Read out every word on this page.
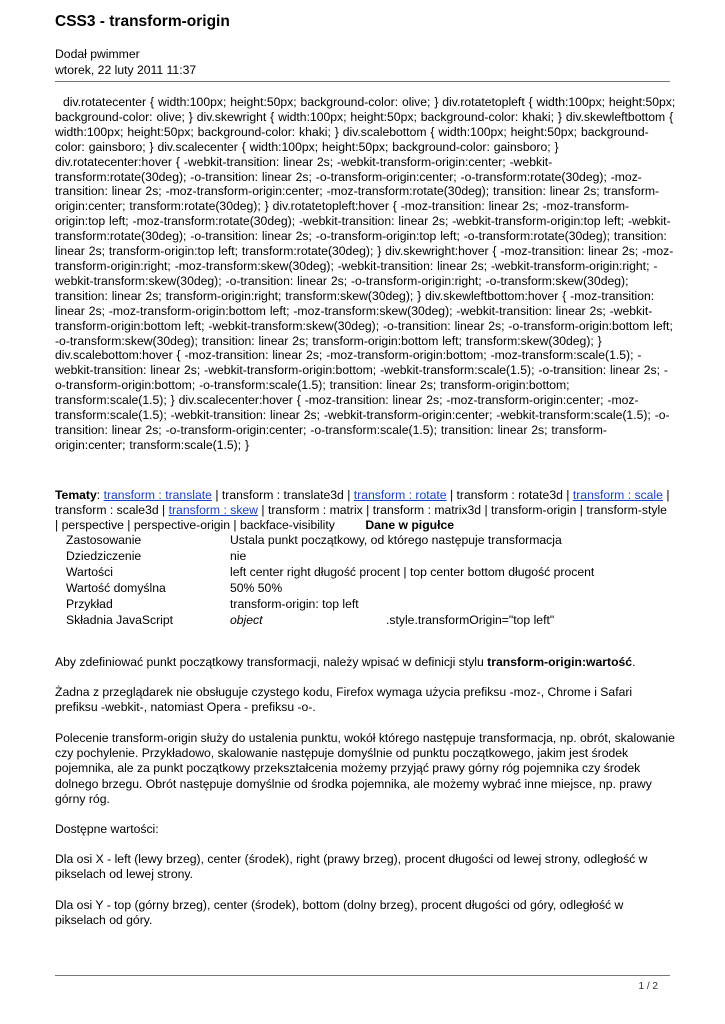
CSS3 - transform-origin
Dodał pwimmer
wtorek, 22 luty 2011 11:37
div.rotatecenter { width:100px; height:50px; background-color: olive; } div.rotatetopleft { width:100px; height:50px; background-color: olive; } div.skewright { width:100px; height:50px; background-color: khaki; } div.skewleftbottom { width:100px; height:50px; background-color: khaki; } div.scalebottom { width:100px; height:50px; background-color: gainsboro; } div.scalecenter { width:100px; height:50px; background-color: gainsboro; } div.rotatecenter:hover { -webkit-transition: linear 2s; -webkit-transform-origin:center; -webkit-transform:rotate(30deg); -o-transition: linear 2s; -o-transform-origin:center; -o-transform:rotate(30deg); -moz-transition: linear 2s; -moz-transform-origin:center; -moz-transform:rotate(30deg); transition: linear 2s; transform-origin:center; transform:rotate(30deg); } div.rotatetopleft:hover { -moz-transition: linear 2s; -moz-transform-origin:top left; -moz-transform:rotate(30deg); -webkit-transition: linear 2s; -webkit-transform-origin:top left; -webkit-transform:rotate(30deg); -o-transition: linear 2s; -o-transform-origin:top left; -o-transform:rotate(30deg); transition: linear 2s; transform-origin:top left; transform:rotate(30deg); } div.skewright:hover { -moz-transition: linear 2s; -moz-transform-origin:right; -moz-transform:skew(30deg); -webkit-transition: linear 2s; -webkit-transform-origin:right; -webkit-transform:skew(30deg); -o-transition: linear 2s; -o-transform-origin:right; -o-transform:skew(30deg); transition: linear 2s; transform-origin:right; transform:skew(30deg); } div.skewleftbottom:hover { -moz-transition: linear 2s; -moz-transform-origin:bottom left; -moz-transform:skew(30deg); -webkit-transition: linear 2s; -webkit-transform-origin:bottom left; -webkit-transform:skew(30deg); -o-transition: linear 2s; -o-transform-origin:bottom left; -o-transform:skew(30deg); transition: linear 2s; transform-origin:bottom left; transform:skew(30deg); } div.scalebottom:hover { -moz-transition: linear 2s; -moz-transform-origin:bottom; -moz-transform:scale(1.5); -webkit-transition: linear 2s; -webkit-transform-origin:bottom; -webkit-transform:scale(1.5); -o-transition: linear 2s; -o-transform-origin:bottom; -o-transform:scale(1.5); transition: linear 2s; transform-origin:bottom; transform:scale(1.5); } div.scalecenter:hover { -moz-transition: linear 2s; -moz-transform-origin:center; -moz-transform:scale(1.5); -webkit-transition: linear 2s; -webkit-transform-origin:center; -webkit-transform:scale(1.5); -o-transition: linear 2s; -o-transform-origin:center; -o-transform:scale(1.5); transition: linear 2s; transform-origin:center; transform:scale(1.5); }
Tematy: transform : translate | transform : translate3d | transform : rotate | transform : rotate3d | transform : scale | transform : scale3d | transform : skew | transform : matrix | transform : matrix3d | transform-origin | transform-style | perspective | perspective-origin | backface-visibility Dane w pigułce
Zastosowanie	Ustala punkt początkowy, od którego następuje transformacja	
Dziedziczenie	nie	
Wartości	left center right długość procent | top center bottom długość procent	
Wartość domyślna	50% 50%	
Przykład	transform-origin: top left	
Składnia JavaScript	object	.style.transformOrigin="top left"
Aby zdefiniować punkt początkowy transformacji, należy wpisać w definicji stylu transform-origin:wartość.
Żadna z przeglądarek nie obsługuje czystego kodu, Firefox wymaga użycia prefiksu -moz-, Chrome i Safari prefiksu -webkit-, natomiast Opera - prefiksu -o-.
Polecenie transform-origin służy do ustalenia punktu, wokół którego następuje transformacja, np. obrót, skalowanie czy pochylenie. Przykładowo, skalowanie następuje domyślnie od punktu początkowego, jakim jest środek pojemnika, ale za punkt początkowy przekształcenia możemy przyjąć prawy górny róg pojemnika czy środek dolnego brzegu. Obrót następuje domyślnie od środka pojemnika, ale możemy wybrać inne miejsce, np. prawy górny róg.
Dostępne wartości:
Dla osi X - left (lewy brzeg), center (środek), right (prawy brzeg), procent długości od lewej strony, odległość w pikselach od lewej strony.
Dla osi Y - top (górny brzeg), center (środek), bottom (dolny brzeg), procent długości od góry, odległość w pikselach od góry.
1 / 2
